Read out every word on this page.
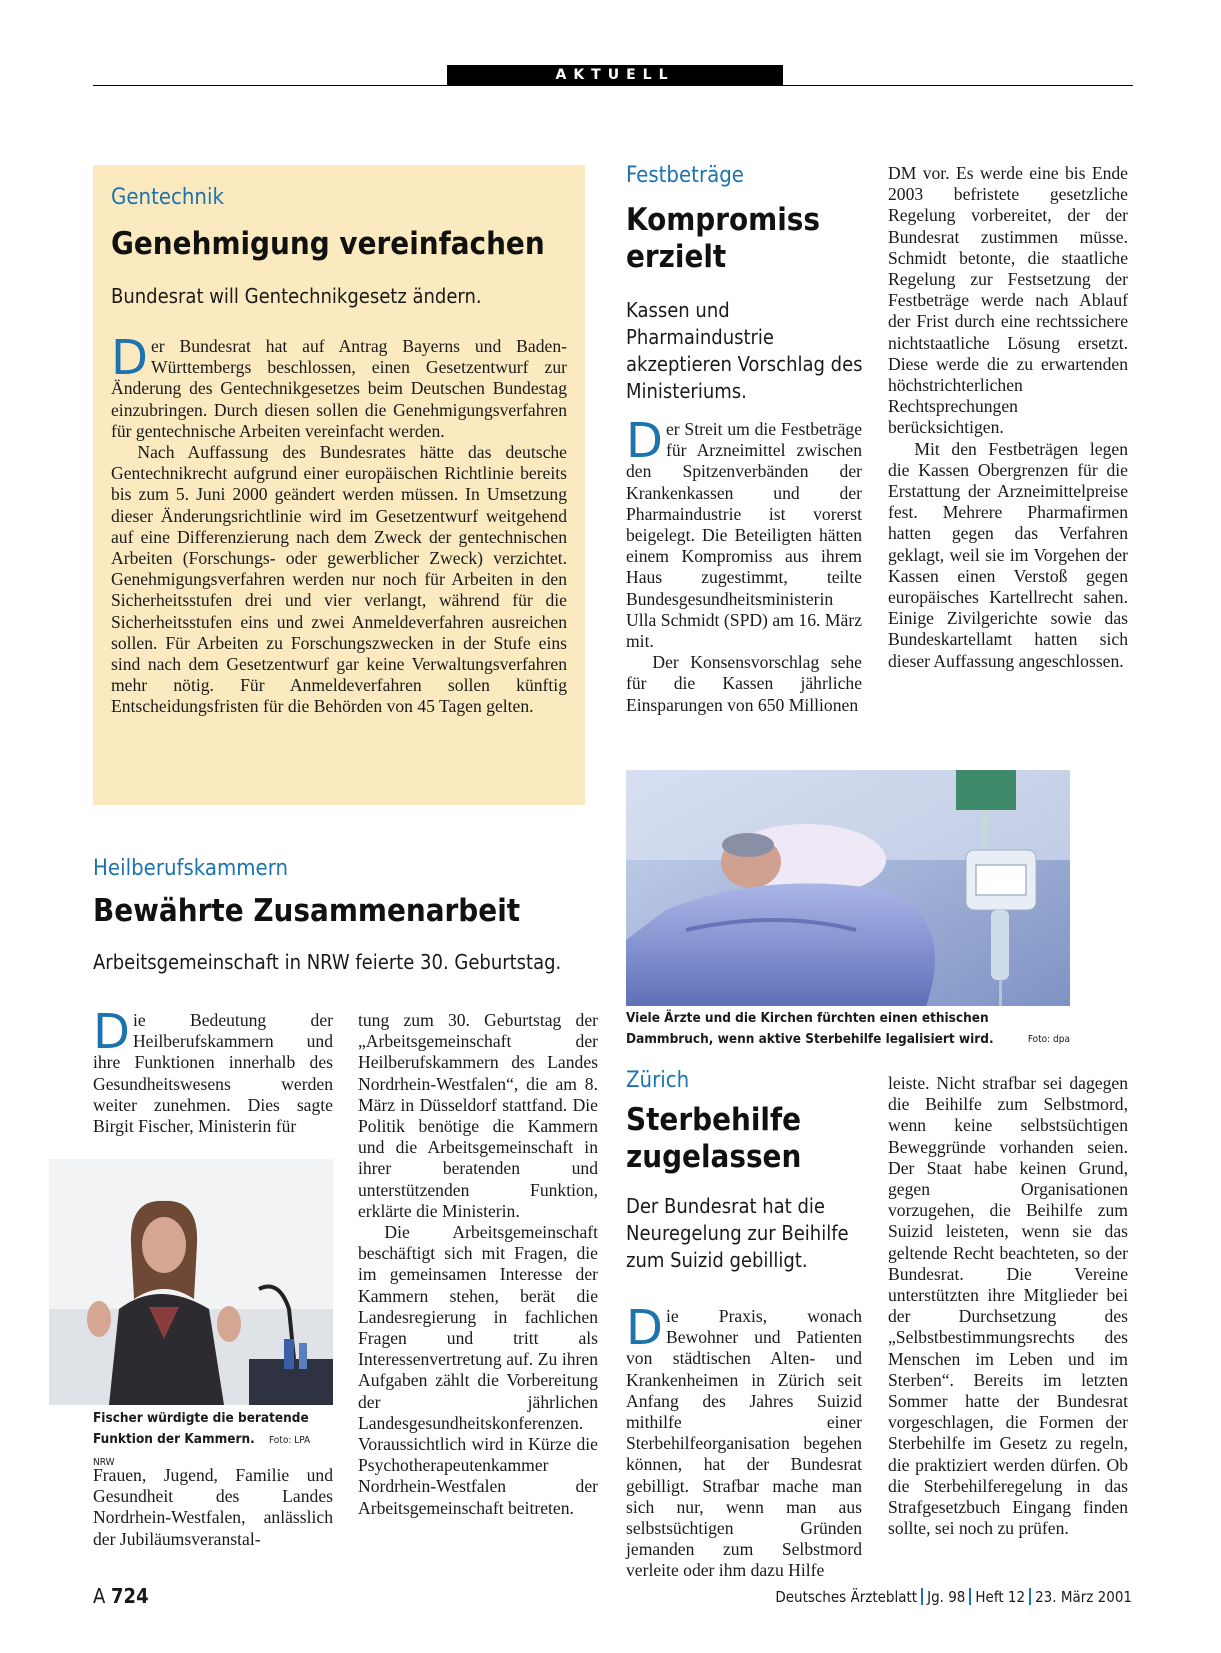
AKTUELL
Gentechnik
Genehmigung vereinfachen
Bundesrat will Gentechnikgesetz ändern.

Der Bundesrat hat auf Antrag Bayerns und Baden-Württembergs beschlossen, einen Gesetzentwurf zur Änderung des Gentechnikgesetzes beim Deutschen Bundestag einzubringen. Durch diesen sollen die Genehmigungsverfahren für gentechnische Arbeiten vereinfacht werden.

Nach Auffassung des Bundesrates hätte das deutsche Gentechnikrecht aufgrund einer europäischen Richtlinie bereits bis zum 5. Juni 2000 geändert werden müssen. In Umsetzung dieser Änderungsrichtlinie wird im Gesetzentwurf weitgehend auf eine Differenzierung nach dem Zweck der gentechnischen Arbeiten (Forschungs- oder gewerblicher Zweck) verzichtet. Genehmigungsverfahren werden nur noch für Arbeiten in den Sicherheitsstufen drei und vier verlangt, während für die Sicherheitsstufen eins und zwei Anmeldeverfahren ausreichen sollen. Für Arbeiten zu Forschungszwecken in der Stufe eins sind nach dem Gesetzentwurf gar keine Verwaltungsverfahren mehr nötig. Für Anmeldeverfahren sollen künftig Entscheidungsfristen für die Behörden von 45 Tagen gelten.

Festbeträge
Kompromiss
erzielt
Kassen und Pharmaindustrie akzeptieren Vorschlag des Ministeriums.

Der Streit um die Festbeträge für Arzneimittel zwischen den Spitzenverbänden der Krankenkassen und der Pharmaindustrie ist vorerst beigelegt. Die Beteiligten hätten einem Kompromiss aus ihrem Haus zugestimmt, teilte Bundesgesundheitsministerin Ulla Schmidt (SPD) am 16. März mit.

Der Konsensvorschlag sehe für die Kassen jährliche Einsparungen von 650 Millionen

DM vor. Es werde eine bis Ende 2003 befristete gesetzliche Regelung vorbereitet, der der Bundesrat zustimmen müsse. Schmidt betonte, die staatliche Regelung zur Festsetzung der Festbeträge werde nach Ablauf der Frist durch eine rechtssichere nichtstaatliche Lösung ersetzt. Diese werde die zu erwartenden höchstrichterlichen Rechtsprechungen berücksichtigen.

Mit den Festbeträgen legen die Kassen Obergrenzen für die Erstattung der Arzneimittelpreise fest. Mehrere Pharmafirmen hatten gegen das Verfahren geklagt, weil sie im Vorgehen der Kassen einen Verstoß gegen europäisches Kartellrecht sahen. Einige Zivilgerichte sowie das Bundeskartellamt hatten sich dieser Auffassung angeschlossen.

Viele Ärzte und die Kirchen fürchten einen ethischen Dammbruch, wenn aktive Sterbehilfe legalisiert wird.	Foto: dpa
Heilberufskammern
Bewährte Zusammenarbeit
Arbeitsgemeinschaft in NRW feierte 30. Geburtstag.

Die Bedeutung der Heilberufskammern und ihre Funktionen innerhalb des Gesundheitswesens werden weiter zunehmen. Dies sagte Birgit Fischer, Ministerin für

Fischer würdigte die beratende Funktion der Kammern. Foto: LPA NRW

Frauen, Jugend, Familie und Gesundheit des Landes Nordrhein-Westfalen, anlässlich der Jubiläumsveranstal-

tung zum 30. Geburtstag der „Arbeitsgemeinschaft der Heilberufskammern des Landes Nordrhein-Westfalen“, die am 8. März in Düsseldorf stattfand. Die Politik benötige die Kammern und die Arbeitsgemeinschaft in ihrer beratenden und unterstützenden Funktion, erklärte die Ministerin.

Die Arbeitsgemeinschaft beschäftigt sich mit Fragen, die im gemeinsamen Interesse der Kammern stehen, berät die Landesregierung in fachlichen Fragen und tritt als Interessenvertretung auf. Zu ihren Aufgaben zählt die Vorbereitung der jährlichen Landesgesundheitskonferenzen. Voraussichtlich wird in Kürze die Psychotherapeutenkammer Nordrhein-Westfalen der Arbeitsgemeinschaft beitreten.

Zürich
Sterbehilfe
zugelassen
Der Bundesrat hat die Neuregelung zur Beihilfe zum Suizid gebilligt.

Die Praxis, wonach Bewohner und Patienten von städtischen Alten- und Krankenheimen in Zürich seit Anfang des Jahres Suizid mithilfe einer Sterbehilfeorganisation begehen können, hat der Bundesrat gebilligt. Strafbar mache man sich nur, wenn man aus selbstsüchtigen Gründen jemanden zum Selbstmord verleite oder ihm dazu Hilfe

leiste. Nicht strafbar sei dagegen die Beihilfe zum Selbstmord, wenn keine selbstsüchtigen Beweggründe vorhanden seien. Der Staat habe keinen Grund, gegen Organisationen vorzugehen, die Beihilfe zum Suizid leisteten, wenn sie das geltende Recht beachteten, so der Bundesrat. Die Vereine unterstützten ihre Mitglieder bei der Durchsetzung des „Selbstbestimmungsrechts des Menschen im Leben und im Sterben“. Bereits im letzten Sommer hatte der Bundesrat vorgeschlagen, die Formen der Sterbehilfe im Gesetz zu regeln, die praktiziert werden dürfen. Ob die Sterbehilferegelung in das Strafgesetzbuch Eingang finden sollte, sei noch zu prüfen.

A 724	Deutsches Ärzteblatt Jg. 98 Heft 12 23. März 2001
